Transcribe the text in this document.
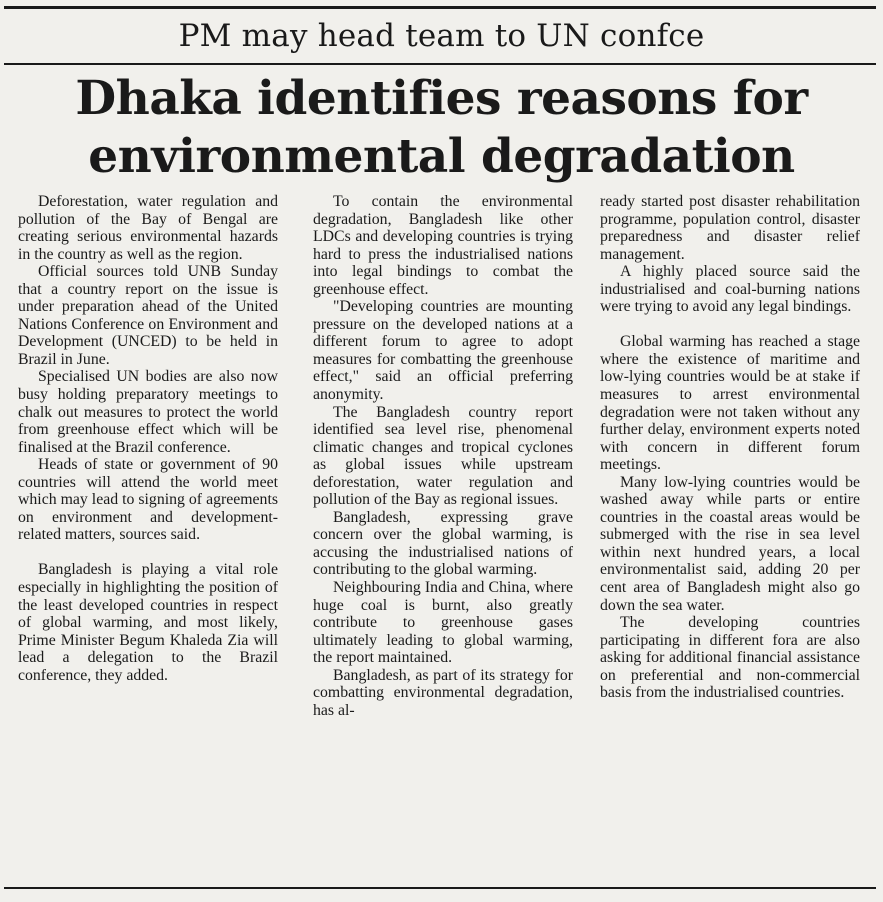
PM may head team to UN confce
Dhaka identifies reasons for environmental degradation

Deforestation, water regulation and pollution of the Bay of Bengal are creating serious environmental hazards in the country as well as the region.

Official sources told UNB Sunday that a country report on the issue is under preparation ahead of the United Nations Conference on Environment and Development (UNCED) to be held in Brazil in June.

Specialised UN bodies are also now busy holding preparatory meetings to chalk out measures to protect the world from greenhouse effect which will be finalised at the Brazil conference.

Heads of state or government of 90 countries will attend the world meet which may lead to signing of agreements on environment and development-related matters, sources said.

Bangladesh is playing a vital role especially in highlighting the position of the least developed countries in respect of global warming, and most likely, Prime Minister Begum Khaleda Zia will lead a delegation to the Brazil conference, they added.

To contain the environmental degradation, Bangladesh like other LDCs and developing countries is trying hard to press the industrialised nations into legal bindings to combat the greenhouse effect.

"Developing countries are mounting pressure on the developed nations at a different forum to agree to adopt measures for combatting the greenhouse effect," said an official preferring anonymity.

The Bangladesh country report identified sea level rise, phenomenal climatic changes and tropical cyclones as global issues while upstream deforestation, water regulation and pollution of the Bay as regional issues.

Bangladesh, expressing grave concern over the global warming, is accusing the industrialised nations of contributing to the global warming.

Neighbouring India and China, where huge coal is burnt, also greatly contribute to greenhouse gases ultimately leading to global warming, the report maintained.

Bangladesh, as part of its strategy for combatting environmental degradation, has al-

ready started post disaster rehabilitation programme, population control, disaster preparedness and disaster relief management.

A highly placed source said the industrialised and coal-burning nations were trying to avoid any legal bindings.

Global warming has reached a stage where the existence of maritime and low-lying countries would be at stake if measures to arrest environmental degradation were not taken without any further delay, environment experts noted with concern in different forum meetings.

Many low-lying countries would be washed away while parts or entire countries in the coastal areas would be submerged with the rise in sea level within next hundred years, a local environmentalist said, adding 20 per cent area of Bangladesh might also go down the sea water.

The developing countries participating in different fora are also asking for additional financial assistance on preferential and non-commercial basis from the industrialised countries.
